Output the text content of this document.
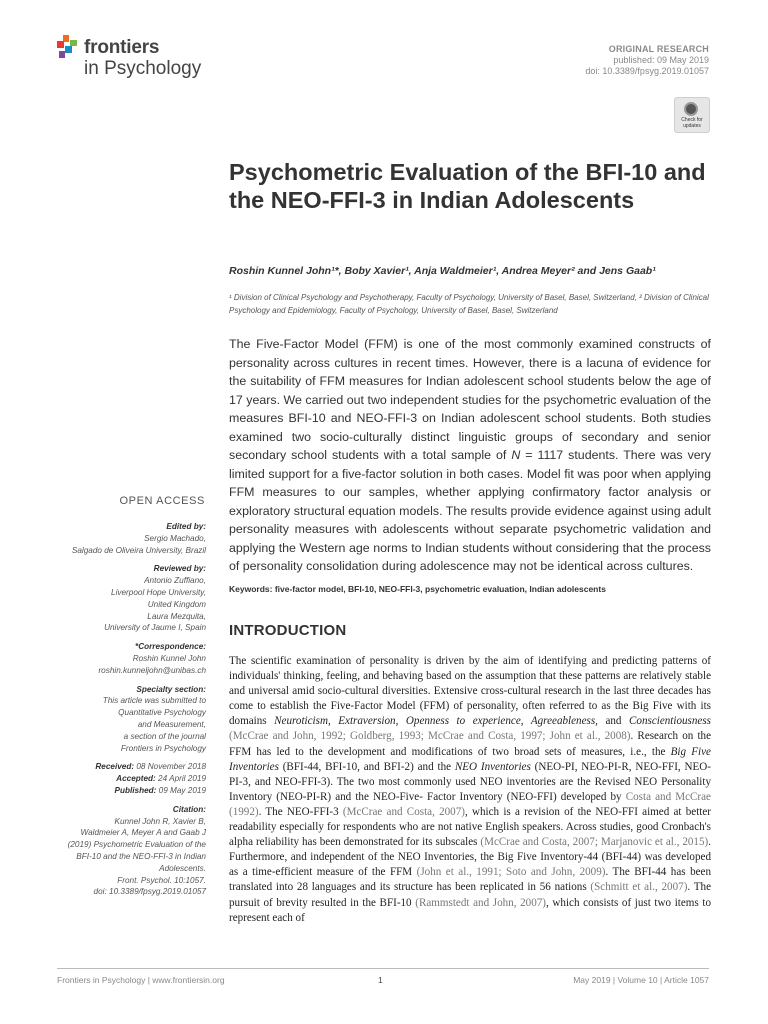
frontiers
in Psychology
ORIGINAL RESEARCH
published: 09 May 2019
doi: 10.3389/fpsyg.2019.01057
Check for updates
Psychometric Evaluation of the BFI-10 and the NEO-FFI-3 in Indian Adolescents
Roshin Kunnel John¹*, Boby Xavier¹, Anja Waldmeier¹, Andrea Meyer² and Jens Gaab¹
¹ Division of Clinical Psychology and Psychotherapy, Faculty of Psychology, University of Basel, Basel, Switzerland, ² Division of Clinical Psychology and Epidemiology, Faculty of Psychology, University of Basel, Basel, Switzerland
The Five-Factor Model (FFM) is one of the most commonly examined constructs of personality across cultures in recent times. However, there is a lacuna of evidence for the suitability of FFM measures for Indian adolescent school students below the age of 17 years. We carried out two independent studies for the psychometric evaluation of the measures BFI-10 and NEO-FFI-3 on Indian adolescent school students. Both studies examined two socio-culturally distinct linguistic groups of secondary and senior secondary school students with a total sample of N = 1117 students. There was very limited support for a five-factor solution in both cases. Model fit was poor when applying FFM measures to our samples, whether applying confirmatory factor analysis or exploratory structural equation models. The results provide evidence against using adult personality measures with adolescents without separate psychometric validation and applying the Western age norms to Indian students without considering that the process of personality consolidation during adolescence may not be identical across cultures.
Keywords: five-factor model, BFI-10, NEO-FFI-3, psychometric evaluation, Indian adolescents
OPEN ACCESS
Edited by:
Sergio Machado,
Salgado de Oliveira University, Brazil
Reviewed by:
Antonio Zuffiano,
Liverpool Hope University,
United Kingdom
Laura Mezquita,
University of Jaume I, Spain
*Correspondence:
Roshin Kunnel John
roshin.kunneljohn@unibas.ch
Specialty section:
This article was submitted to
Quantitative Psychology
and Measurement,
a section of the journal
Frontiers in Psychology
Received: 08 November 2018
Accepted: 24 April 2019
Published: 09 May 2019
Citation:
Kunnel John R, Xavier B,
Waldmeier A, Meyer A and Gaab J
(2019) Psychometric Evaluation of the
BFI-10 and the NEO-FFI-3 in Indian
Adolescents.
Front. Psychol. 10:1057.
doi: 10.3389/fpsyg.2019.01057
INTRODUCTION

The scientific examination of personality is driven by the aim of identifying and predicting patterns of individuals' thinking, feeling, and behaving based on the assumption that these patterns are relatively stable and universal amid socio-cultural diversities. Extensive cross-cultural research in the last three decades has come to establish the Five-Factor Model (FFM) of personality, often referred to as the Big Five with its domains Neuroticism, Extraversion, Openness to experience, Agreeableness, and Conscientiousness (McCrae and John, 1992; Goldberg, 1993; McCrae and Costa, 1997; John et al., 2008). Research on the FFM has led to the development and modifications of two broad sets of measures, i.e., the Big Five Inventories (BFI-44, BFI-10, and BFI-2) and the NEO Inventories (NEO-PI, NEO-PI-R, NEO-FFI, NEO-PI-3, and NEO-FFI-3). The two most commonly used NEO inventories are the Revised NEO Personality Inventory (NEO-PI-R) and the NEO-Five- Factor Inventory (NEO-FFI) developed by Costa and McCrae (1992). The NEO-FFI-3 (McCrae and Costa, 2007), which is a revision of the NEO-FFI aimed at better readability especially for respondents who are not native English speakers. Across studies, good Cronbach's alpha reliability has been demonstrated for its subscales (McCrae and Costa, 2007; Marjanovic et al., 2015). Furthermore, and independent of the NEO Inventories, the Big Five Inventory-44 (BFI-44) was developed as a time-efficient measure of the FFM (John et al., 1991; Soto and John, 2009). The BFI-44 has been translated into 28 languages and its structure has been replicated in 56 nations (Schmitt et al., 2007). The pursuit of brevity resulted in the BFI-10 (Rammstedt and John, 2007), which consists of just two items to represent each of

Frontiers in Psychology | www.frontiersin.org	1	May 2019 | Volume 10 | Article 1057
